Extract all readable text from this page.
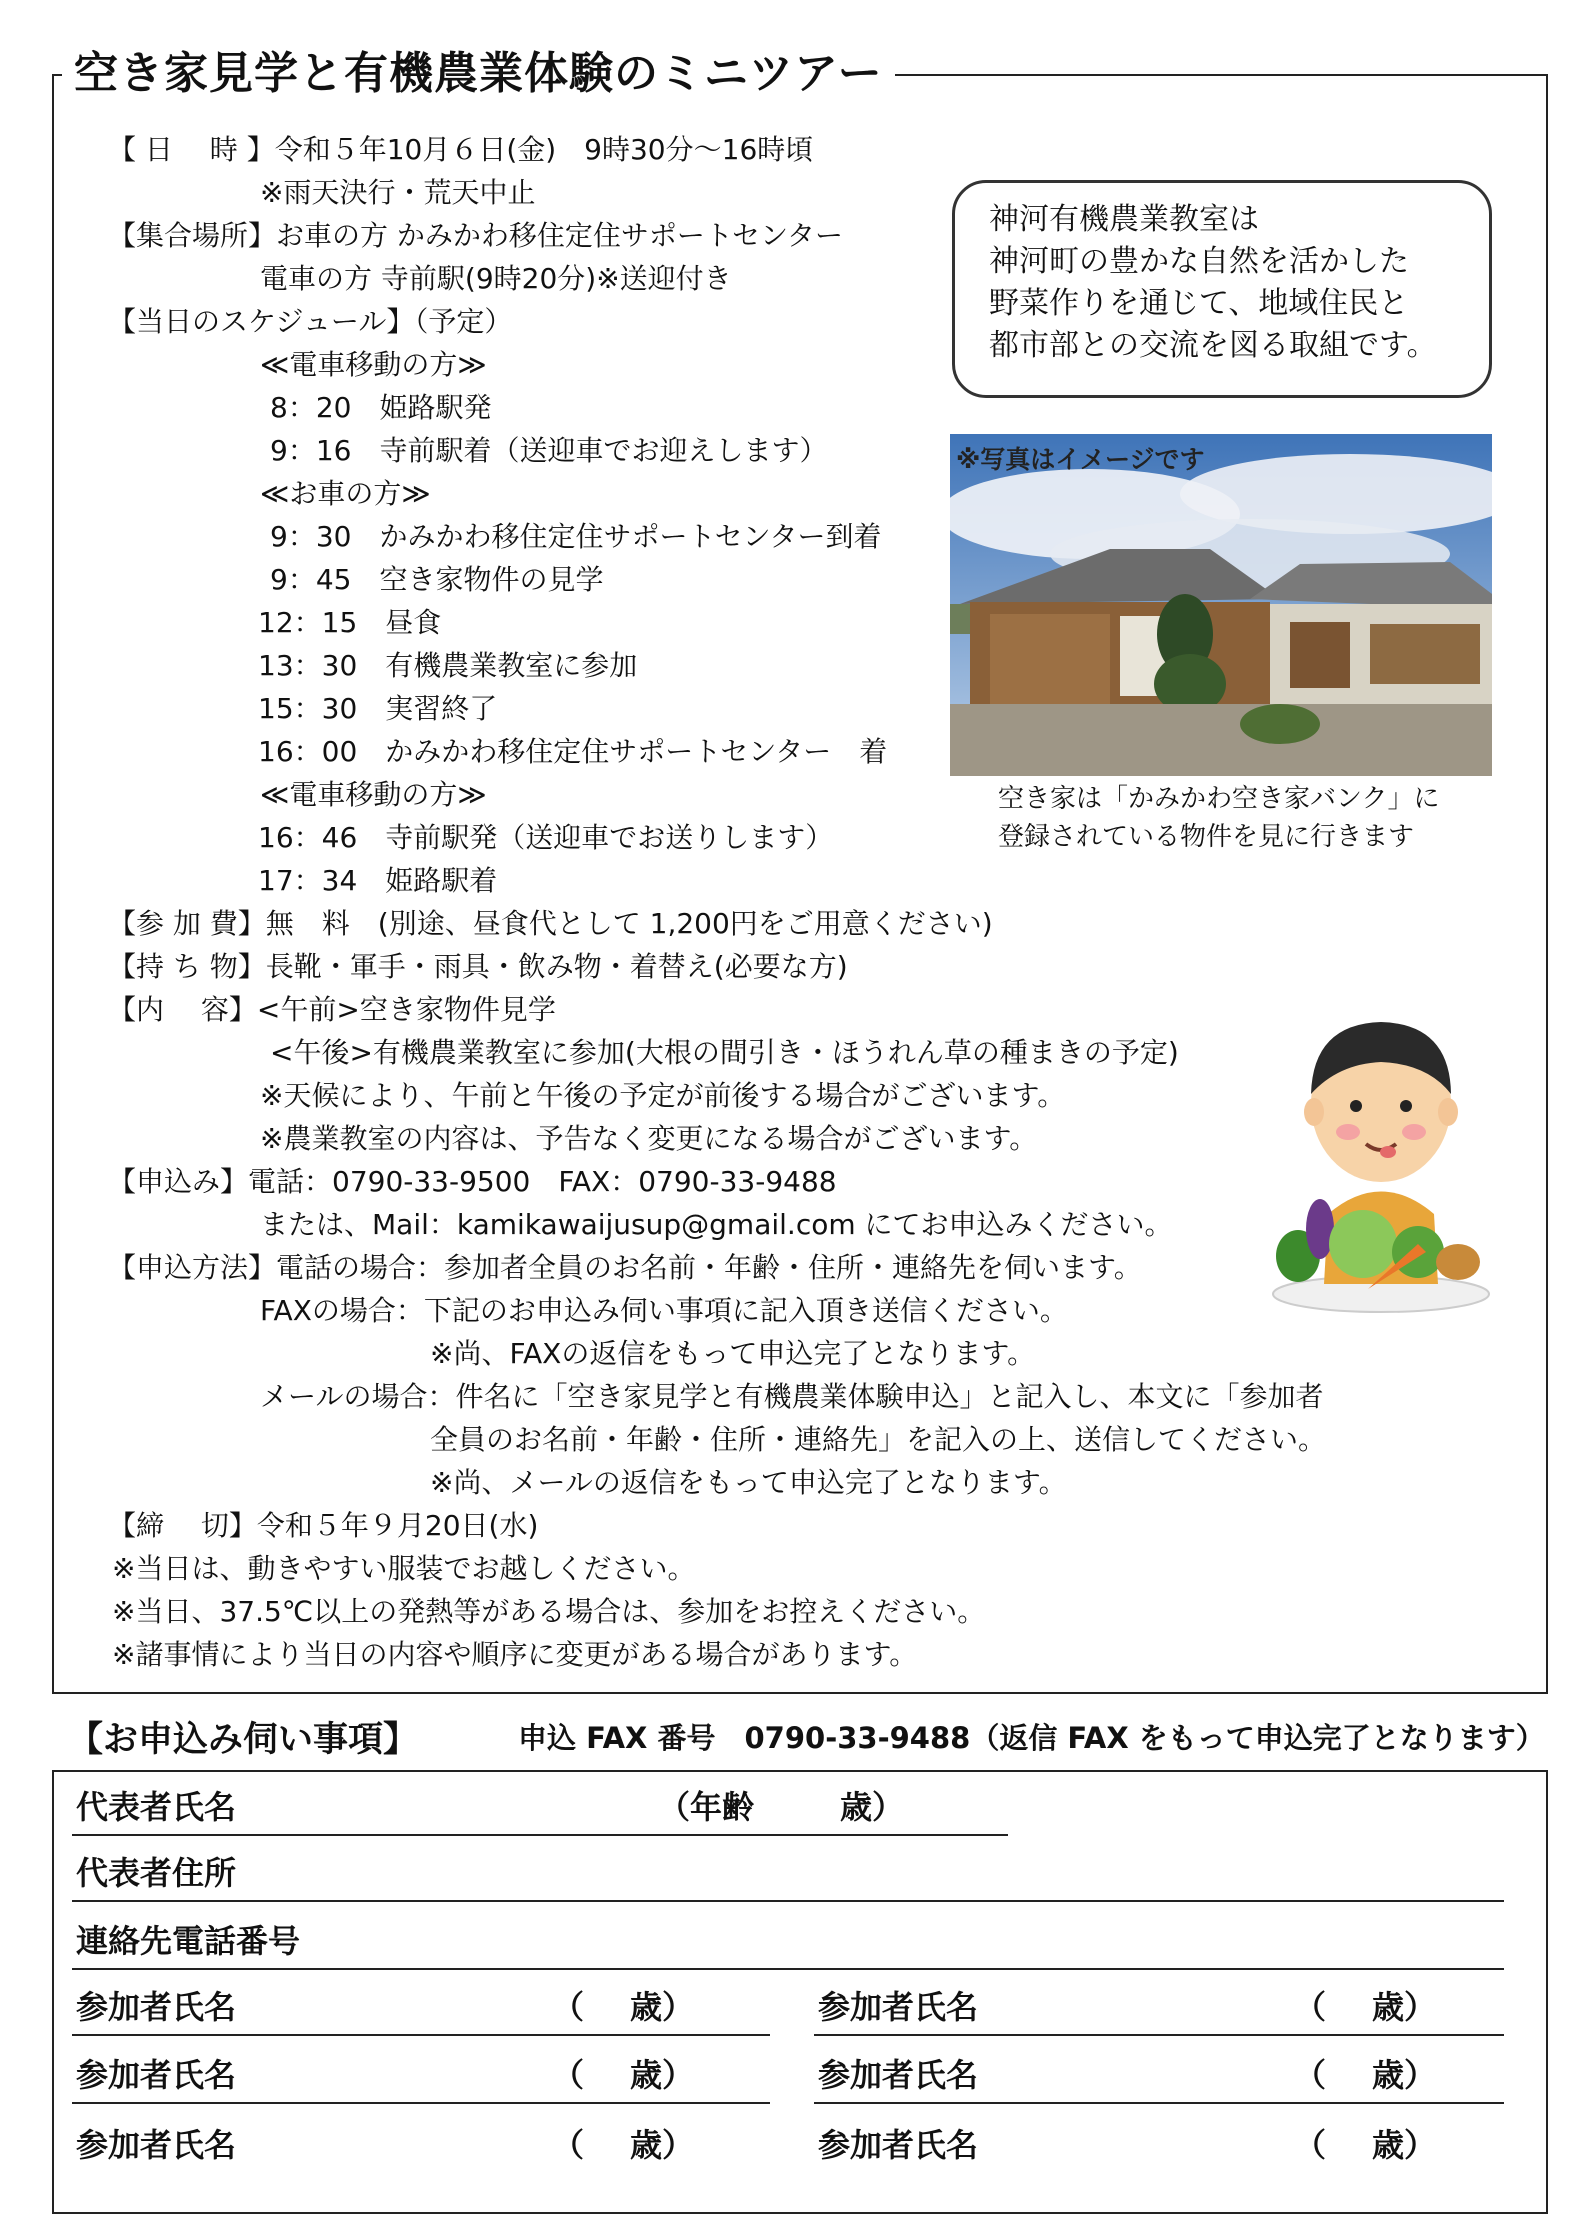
空き家見学と有機農業体験のミニツアー
【 日　 時 】令和５年10月６日(金)　9時30分～16時頃
※雨天決行・荒天中止
【集合場所】お車の方 かみかわ移住定住サポートセンター
電車の方 寺前駅(9時20分)※送迎付き
【当日のスケジュール】（予定）
≪電車移動の方≫
8：20　姫路駅発
9：16　寺前駅着（送迎車でお迎えします）
≪お車の方≫
9：30　かみかわ移住定住サポートセンター到着
9：45　空き家物件の見学
12：15　昼食
13：30　有機農業教室に参加
15：30　実習終了
16：00　かみかわ移住定住サポートセンター　着
≪電車移動の方≫
16：46　寺前駅発（送迎車でお送りします）
17：34　姫路駅着
【参 加 費】無　料　(別途、昼食代として 1,200円をご用意ください)
【持 ち 物】長靴・軍手・雨具・飲み物・着替え(必要な方)
【内　 容】<午前>空き家物件見学
<午後>有機農業教室に参加(大根の間引き・ほうれん草の種まきの予定)
※天候により、午前と午後の予定が前後する場合がございます。
※農業教室の内容は、予告なく変更になる場合がございます。
【申込み】電話：0790-33-9500　FAX：0790-33-9488
または、Mail：kamikawaijusup@gmail.com にてお申込みください。
【申込方法】電話の場合：参加者全員のお名前・年齢・住所・連絡先を伺います。
FAXの場合：下記のお申込み伺い事項に記入頂き送信ください。
※尚、FAXの返信をもって申込完了となります。
メールの場合：件名に「空き家見学と有機農業体験申込」と記入し、本文に「参加者
全員のお名前・年齢・住所・連絡先」を記入の上、送信してください。
※尚、メールの返信をもって申込完了となります。
【締　 切】令和５年９月20日(水)
※当日は、動きやすい服装でお越しください。
※当日、37.5℃以上の発熱等がある場合は、参加をお控えください。
※諸事情により当日の内容や順序に変更がある場合があります。
神河有機農業教室は
神河町の豊かな自然を活かした
野菜作りを通じて、地域住民と
都市部との交流を図る取組です。
※写真はイメージです
空き家は「かみかわ空き家バンク」に
登録されている物件を見に行きます
【お申込み伺い事項】	申込 FAX 番号　0790-33-9488（返信 FAX をもって申込完了となります）
代表者氏名	（年齢	歳）
代表者住所
連絡先電話番号
参加者氏名	（ 歳）	参加者氏名	（ 歳）
参加者氏名	（ 歳）	参加者氏名	（ 歳）
参加者氏名	（ 歳）	参加者氏名	（ 歳）
